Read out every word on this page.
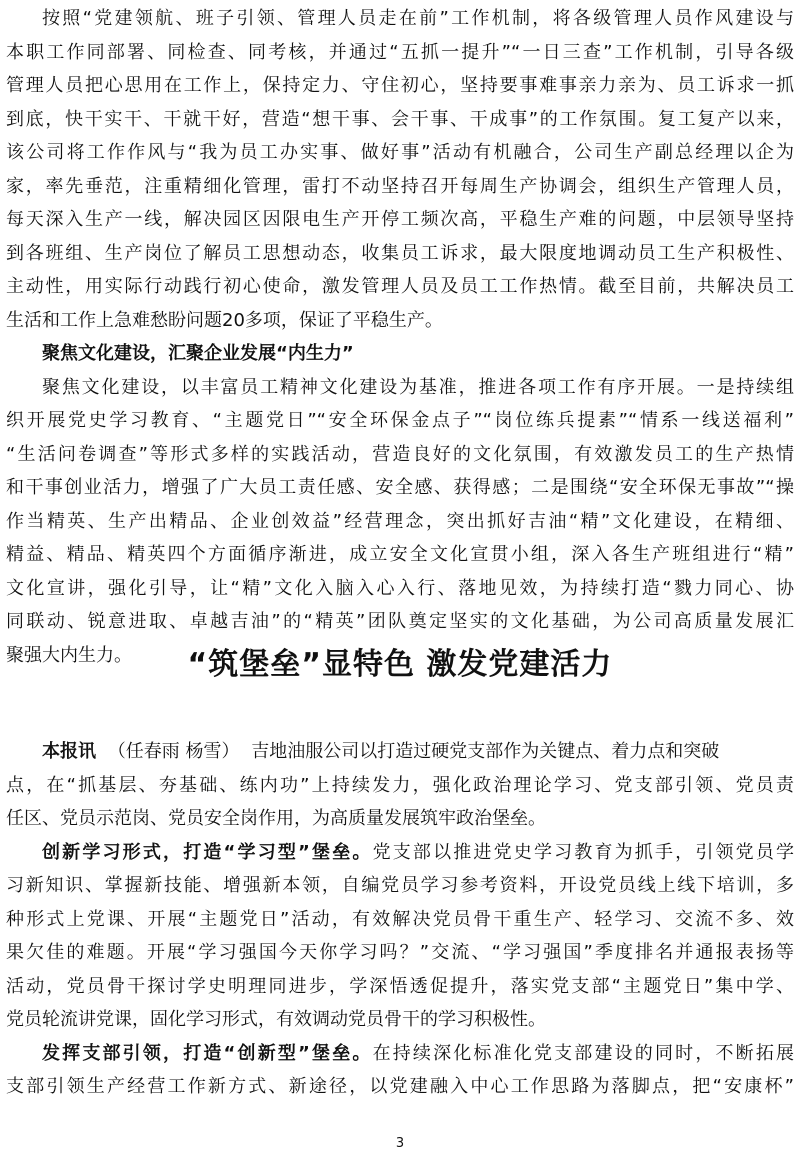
按照“党建领航、班子引领、管理人员走在前”工作机制，将各级管理人员作风建设与
本职工作同部署、同检查、同考核，并通过“五抓一提升”“一日三查”工作机制，引导各级
管理人员把心思用在工作上，保持定力、守住初心，坚持要事难事亲力亲为、员工诉求一抓
到底，快干实干、干就干好，营造“想干事、会干事、干成事”的工作氛围。复工复产以来，
该公司将工作作风与“我为员工办实事、做好事”活动有机融合，公司生产副总经理以企为
家，率先垂范，注重精细化管理，雷打不动坚持召开每周生产协调会，组织生产管理人员，
每天深入生产一线，解决园区因限电生产开停工频次高，平稳生产难的问题，中层领导坚持
到各班组、生产岗位了解员工思想动态，收集员工诉求，最大限度地调动员工生产积极性、
主动性，用实际行动践行初心使命，激发管理人员及员工工作热情。截至目前，共解决员工
生活和工作上急难愁盼问题20多项，保证了平稳生产。
聚焦文化建设，汇聚企业发展“内生力”
聚焦文化建设，以丰富员工精神文化建设为基准，推进各项工作有序开展。一是持续组
织开展党史学习教育、“主题党日”“安全环保金点子”“岗位练兵提素”“情系一线送福利”
“生活问卷调查”等形式多样的实践活动，营造良好的文化氛围，有效激发员工的生产热情
和干事创业活力，增强了广大员工责任感、安全感、获得感；二是围绕“安全环保无事故”“操
作当精英、生产出精品、企业创效益”经营理念，突出抓好吉油“精”文化建设，在精细、
精益、精品、精英四个方面循序渐进，成立安全文化宣贯小组，深入各生产班组进行“精”
文化宣讲，强化引导，让“精”文化入脑入心入行、落地见效，为持续打造“戮力同心、协
同联动、锐意进取、卓越吉油”的“精英”团队奠定坚实的文化基础，为公司高质量发展汇
聚强大内生力。	“筑堡垒”显特色 激发党建活力
本报讯 （任春雨 杨雪） 吉地油服公司以打造过硬党支部作为关键点、着力点和突破
点，在“抓基层、夯基础、练内功”上持续发力，强化政治理论学习、党支部引领、党员责
任区、党员示范岗、党员安全岗作用，为高质量发展筑牢政治堡垒。
创新学习形式，打造“学习型”堡垒。党支部以推进党史学习教育为抓手，引领党员学
习新知识、掌握新技能、增强新本领，自编党员学习参考资料，开设党员线上线下培训，多
种形式上党课、开展“主题党日”活动，有效解决党员骨干重生产、轻学习、交流不多、效
果欠佳的难题。开展“学习强国今天你学习吗？”交流、“学习强国”季度排名并通报表扬等
活动，党员骨干探讨学史明理同进步，学深悟透促提升，落实党支部“主题党日”集中学、
党员轮流讲党课，固化学习形式，有效调动党员骨干的学习积极性。
发挥支部引领，打造“创新型”堡垒。在持续深化标准化党支部建设的同时，不断拓展
支部引领生产经营工作新方式、新途径，以党建融入中心工作思路为落脚点，把“安康杯”
3
